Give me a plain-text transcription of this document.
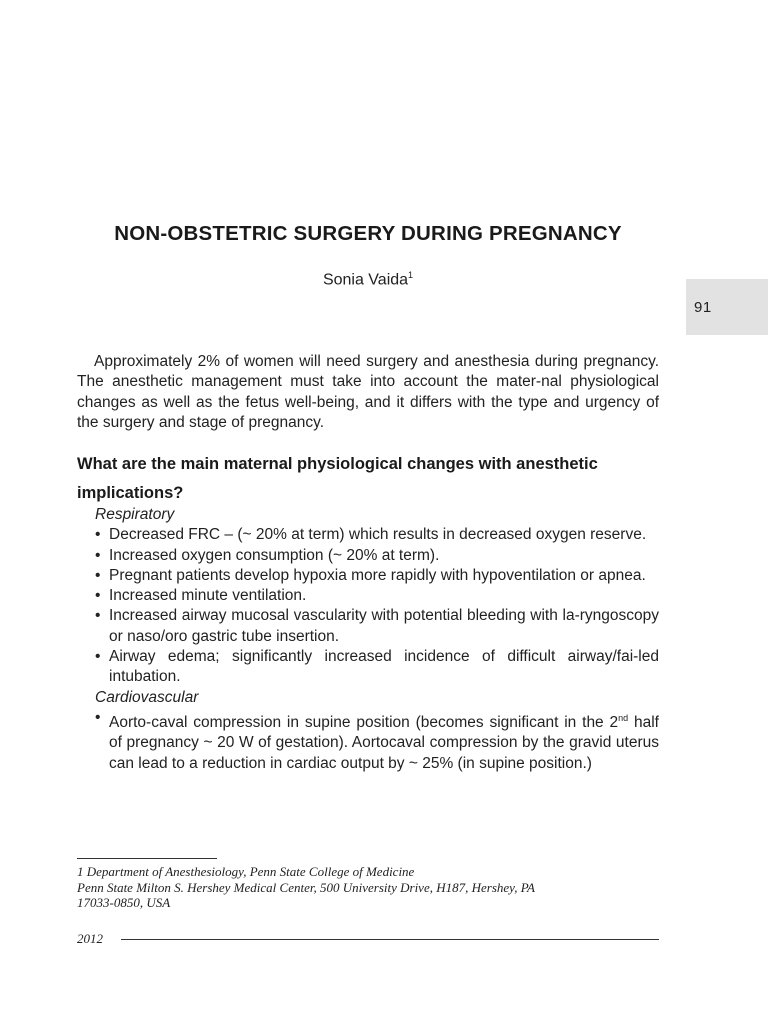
91
NON-OBSTETRIC SURGERY DURING PREGNANCY
Sonia Vaida$^1$

Approximately 2% of women will need surgery and anesthesia during pregnancy. The anesthetic management must take into account the mater-nal physiological changes as well as the fetus well-being, and it differs with the type and urgency of the surgery and stage of pregnancy.

What are the main maternal physiological changes with anesthetic implications?

Respiratory

• Decreased FRC – (~ 20% at term) which results in decreased oxygen reserve.
• Increased oxygen consumption (~ 20% at term).
• Pregnant patients develop hypoxia more rapidly with hypoventilation or apnea.
• Increased minute ventilation.
• Increased airway mucosal vascularity with potential bleeding with la-ryngoscopy or naso/oro gastric tube insertion.
• Airway edema; significantly increased incidence of difficult airway/fai-led intubation.

Cardiovascular

• Aorto-caval compression in supine position (becomes significant in the 2nd half of pregnancy ~ 20 W of gestation). Aortocaval compression by the gravid uterus can lead to a reduction in cardiac output by ~ 25% (in supine position.)

1 Department of Anesthesiology, Penn State College of Medicine

Penn State Milton S. Hershey Medical Center, 500 University Drive, H187, Hershey, PA

17033-0850, USA

2012
